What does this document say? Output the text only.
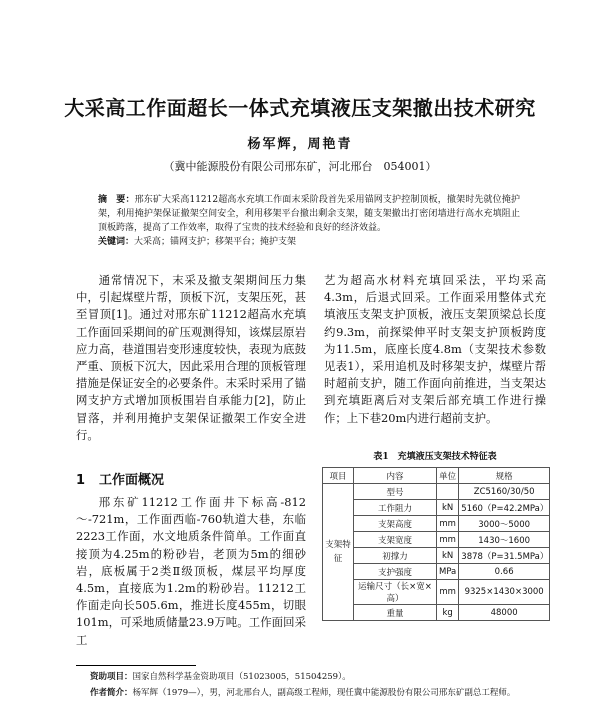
大采高工作面超长一体式充填液压支架撤出技术研究
杨军辉，周艳青
（冀中能源股份有限公司邢东矿，河北邢台　054001）
摘　要：邢东矿大采高11212超高水充填工作面末采阶段首先采用锚网支护控制顶板，撤架时先就位掩护架，利用掩护架保证撤架空间安全，利用移架平台撤出剩余支架，随支架撤出打密闭墙进行高水充填阻止顶板跨落，提高了工作效率，取得了宝贵的技术经验和良好的经济效益。
关键词：大采高；锚网支护；移架平台；掩护支架

通常情况下，末采及撤支架期间压力集中，引起煤壁片帮，顶板下沉，支架压死，甚至冒顶[1]。通过对邢东矿11212超高水充填工作面回采期间的矿压观测得知，该煤层原岩应力高，巷道围岩变形速度较快，表现为底鼓严重、顶板下沉大，因此采用合理的顶板管理措施是保证安全的必要条件。末采时采用了锚网支护方式增加顶板围岩自承能力[2]，防止冒落，并利用掩护支架保证撤架工作安全进行。

1 工作面概况

邢东矿11212工作面井下标高-812～-721m，工作面西临-760轨道大巷，东临2223工作面，水文地质条件简单。工作面直接顶为4.25m的粉砂岩，老顶为5m的细砂岩，底板属于2类Ⅱ级顶板，煤层平均厚度4.5m，直接底为1.2m的粉砂岩。11212工作面走向长505.6m，推进长度455m，切眼101m，可采地质储量23.9万吨。工作面回采工

艺为超高水材料充填回采法，平均采高4.3m，后退式回采。工作面采用整体式充填液压支架支护顶板，液压支架顶梁总长度约9.3m，前探梁伸平时支架支护顶板跨度为11.5m，底座长度4.8m（支架技术参数见表1），采用追机及时移架支护，煤壁片帮时超前支护，随工作面向前推进，当支架达到充填距离后对支架后部充填工作进行操作；上下巷20m内进行超前支护。

表1　充填液压支架技术特征表
项目	内容	单位	规格
支架特征	型号		ZC5160/30/50
	工作阻力	kN	5160（P=42.2MPa）
	支架高度	mm	3000～5000
	支架宽度	mm	1430～1600
	初撑力	kN	3878（P=31.5MPa）
	支护强度	MPa	0.66
	运输尺寸（长×宽×高）	mm	9325×1430×3000
	重量	kg	48000
资助项目：国家自然科学基金资助项目（51023005，51504259）。
作者简介：杨军辉（1979—），男，河北邢台人，副高级工程师，现任冀中能源股份有限公司邢东矿副总工程师。
